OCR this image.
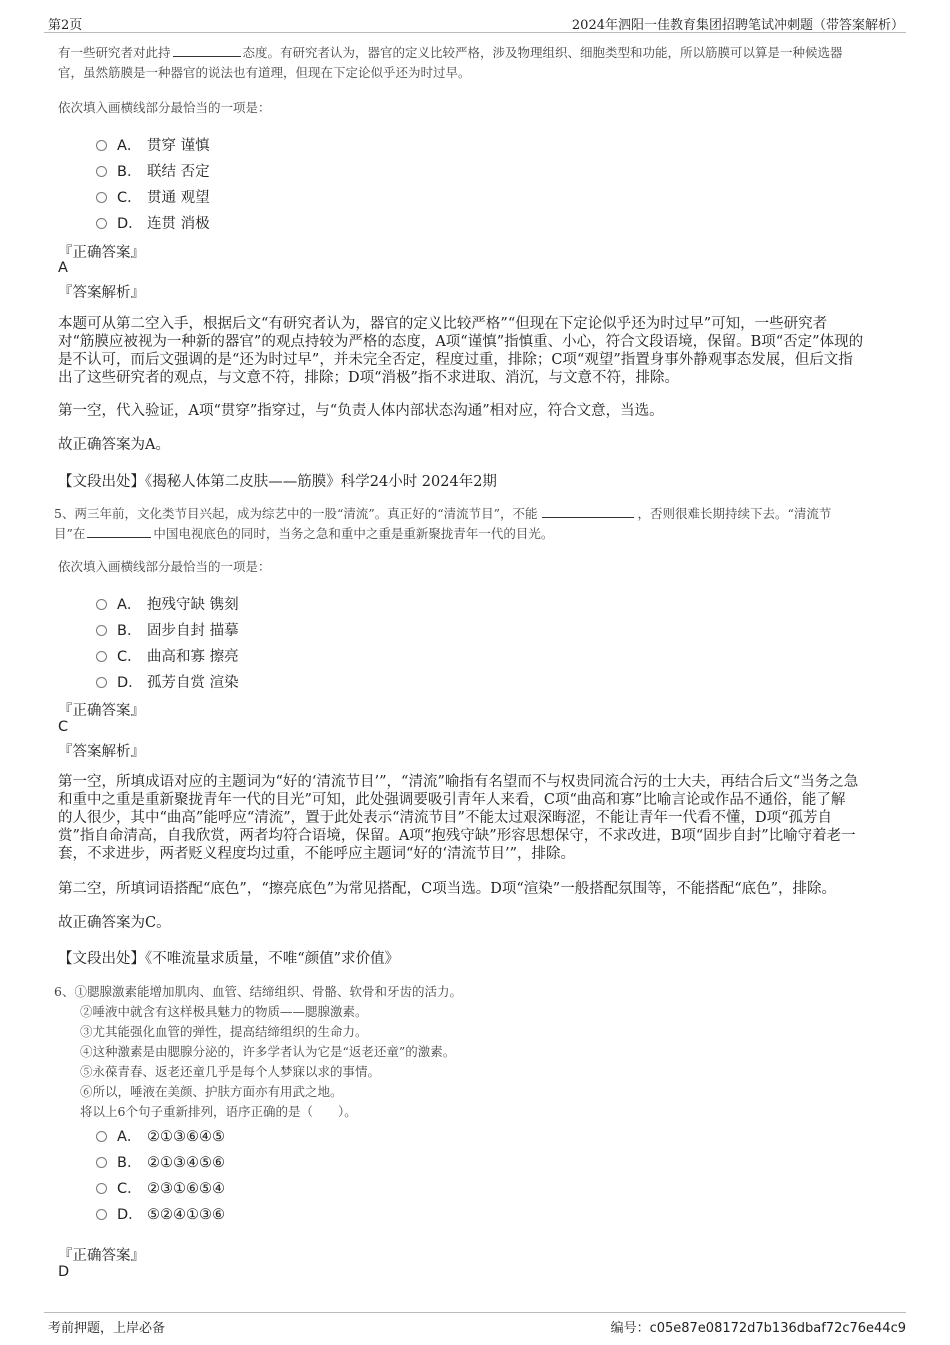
第2页	2024年泗阳一佳教育集团招聘笔试冲刺题（带答案解析）
有一些研究者对此持	态度。有研究者认为，器官的定义比较严格，涉及物理组织、细胞类型和功能，所以筋膜可以算是一种候选器
官，虽然筋膜是一种器官的说法也有道理，但现在下定论似乎还为时过早。
依次填入画横线部分最恰当的一项是：
A． 贯穿 谨慎
B． 联结 否定
C． 贯通 观望
D． 连贯 消极
『正确答案』
A
『答案解析』
本题可从第二空入手，根据后文“有研究者认为，器官的定义比较严格”“但现在下定论似乎还为时过早”可知，一些研究者
对“筋膜应被视为一种新的器官”的观点持较为严格的态度，A项“谨慎”指慎重、小心，符合文段语境，保留。B项“否定”体现的
是不认可，而后文强调的是“还为时过早”，并未完全否定，程度过重，排除；C项“观望”指置身事外静观事态发展，但后文指
出了这些研究者的观点，与文意不符，排除；D项“消极”指不求进取、消沉，与文意不符，排除。
第一空，代入验证，A项“贯穿”指穿过，与“负责人体内部状态沟通”相对应，符合文意，当选。
故正确答案为A。
【文段出处】《揭秘人体第二皮肤——筋膜》科学24小时 2024年2期
5、两三年前，文化类节目兴起，成为综艺中的一股“清流”。真正好的“清流节目”，不能	，否则很难长期持续下去。“清流节
目”在	中国电视底色的同时，当务之急和重中之重是重新聚拢青年一代的目光。
依次填入画横线部分最恰当的一项是：
A． 抱残守缺 镌刻
B． 固步自封 描摹
C． 曲高和寡 擦亮
D． 孤芳自赏 渲染
『正确答案』
C
『答案解析』
第一空，所填成语对应的主题词为“好的‘清流节目’”，“清流”喻指有名望而不与权贵同流合污的士大夫，再结合后文“当务之急
和重中之重是重新聚拢青年一代的目光”可知，此处强调要吸引青年人来看，C项“曲高和寡”比喻言论或作品不通俗，能了解
的人很少，其中“曲高”能呼应“清流”，置于此处表示“清流节目”不能太过艰深晦涩，不能让青年一代看不懂，D项“孤芳自
赏”指自命清高，自我欣赏，两者均符合语境，保留。A项“抱残守缺”形容思想保守，不求改进，B项“固步自封”比喻守着老一
套，不求进步，两者贬义程度均过重，不能呼应主题词“好的‘清流节目’”，排除。
第二空，所填词语搭配“底色”，“擦亮底色”为常见搭配，C项当选。D项“渲染”一般搭配氛围等，不能搭配“底色”，排除。
故正确答案为C。
【文段出处】《不唯流量求质量，不唯“颜值”求价值》
6、①腮腺激素能增加肌肉、血管、结缔组织、骨骼、软骨和牙齿的活力。
②唾液中就含有这样极具魅力的物质——腮腺激素。
③尤其能强化血管的弹性，提高结缔组织的生命力。
④这种激素是由腮腺分泌的，许多学者认为它是“返老还童”的激素。
⑤永葆青春、返老还童几乎是每个人梦寐以求的事情。
⑥所以，唾液在美颜、护肤方面亦有用武之地。
将以上6个句子重新排列，语序正确的是（　　）。
A． ②①③⑥④⑤
B． ②①③④⑤⑥
C． ②③①⑥⑤④
D． ⑤②④①③⑥
『正确答案』
D
考前押题，上岸必备	编号：c05e87e08172d7b136dbaf72c76e44c9
